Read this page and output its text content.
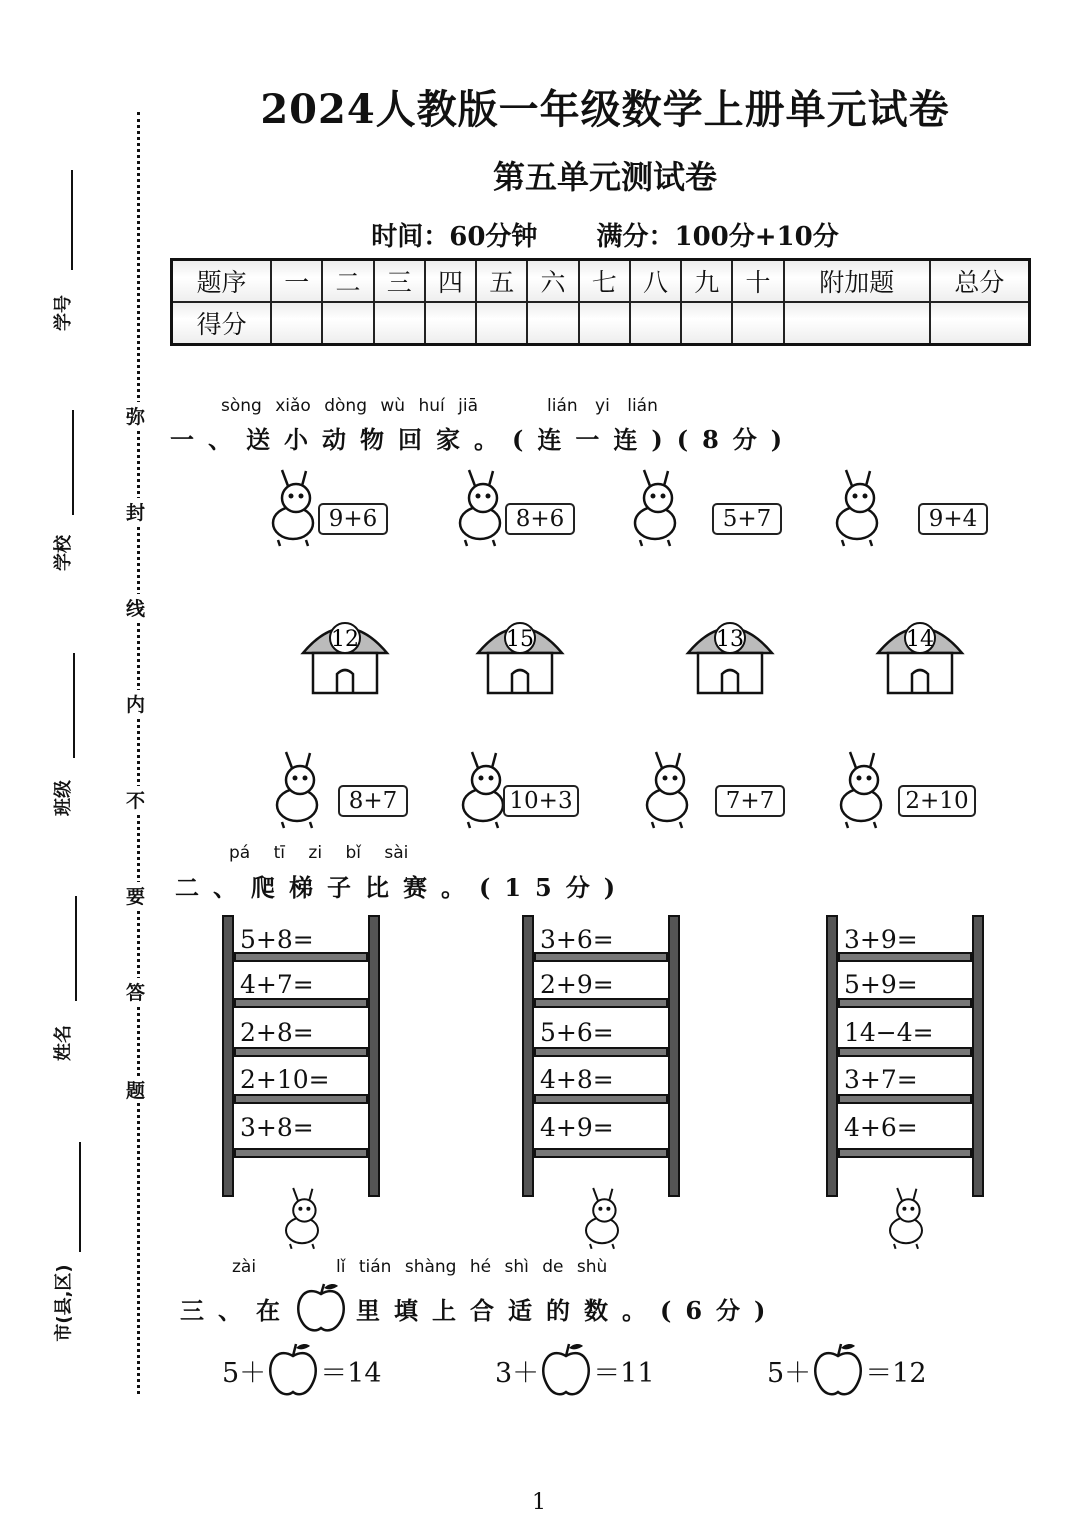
弥
封
线
内
不
要
答
题
学号
学校
班级
姓名
市(县,区)
2024人教版一年级数学上册单元试卷
第五单元测试卷
时间：60分钟 满分：100分+10分
题序	一	二	三	四	五	六	七	八	九	十	附加题	总分
得分												
sòng xiǎo dòng wù huí jiā	lián yi lián
一、送小动物回家。(连一连)(8分)
9+6	8+6	5+7	9+4
12	15	13	14
8+7	10+3	7+7	2+10
pá tī zi bǐ sài
二、爬梯子比赛。(15分)
5+8=
4+7=
2+8=
2+10=
3+8=
3+6=
2+9=
5+6=
4+8=
4+9=
3+9=
5+9=
14−4=
3+7=
4+6=
zài	lǐ tián shàng hé shì de shù
三、在	里填上合适的数。(6分)
5＋ ＝14	3＋ ＝11	5＋ ＝12
1
